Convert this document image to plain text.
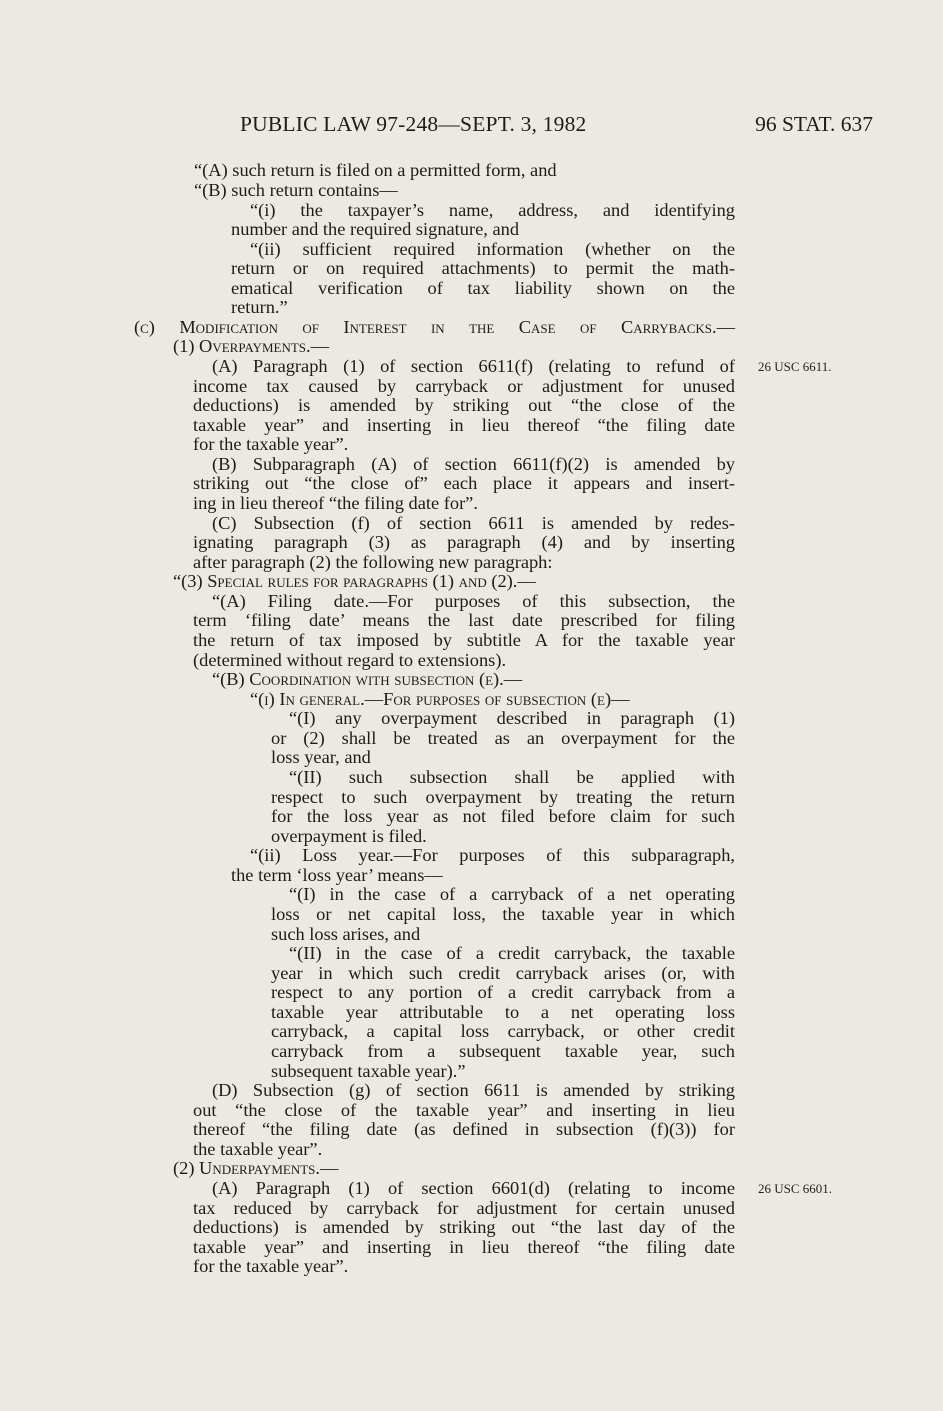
PUBLIC LAW 97-248—SEPT. 3, 1982	96 STAT. 637
“(A) such return is filed on a permitted form, and
“(B) such return contains—
“(i) the taxpayer’s name, address, and identifying
number and the required signature, and
“(ii) sufficient required information (whether on the
return or on required attachments) to permit the math-
ematical verification of tax liability shown on the
return.”
(c) Modification of Interest in the Case of Carrybacks.—
(1) Overpayments.—
(A) Paragraph (1) of section 6611(f) (relating to refund of
income tax caused by carryback or adjustment for unused
deductions) is amended by striking out “the close of the
taxable year” and inserting in lieu thereof “the filing date
for the taxable year”.
(B) Subparagraph (A) of section 6611(f)(2) is amended by
striking out “the close of” each place it appears and insert-
ing in lieu thereof “the filing date for”.
(C) Subsection (f) of section 6611 is amended by redes-
ignating paragraph (3) as paragraph (4) and by inserting
after paragraph (2) the following new paragraph:
“(3) Special rules for paragraphs (1) and (2).—
“(A) Filing date.—For purposes of this subsection, the
term ‘filing date’ means the last date prescribed for filing
the return of tax imposed by subtitle A for the taxable year
(determined without regard to extensions).
“(B) Coordination with subsection (e).—
“(i) In general.—For purposes of subsection (e)—
“(I) any overpayment described in paragraph (1)
or (2) shall be treated as an overpayment for the
loss year, and
“(II) such subsection shall be applied with
respect to such overpayment by treating the return
for the loss year as not filed before claim for such
overpayment is filed.
“(ii) Loss year.—For purposes of this subparagraph,
the term ‘loss year’ means—
“(I) in the case of a carryback of a net operating
loss or net capital loss, the taxable year in which
such loss arises, and
“(II) in the case of a credit carryback, the taxable
year in which such credit carryback arises (or, with
respect to any portion of a credit carryback from a
taxable year attributable to a net operating loss
carryback, a capital loss carryback, or other credit
carryback from a subsequent taxable year, such
subsequent taxable year).”
(D) Subsection (g) of section 6611 is amended by striking
out “the close of the taxable year” and inserting in lieu
thereof “the filing date (as defined in subsection (f)(3)) for
the taxable year”.
(2) Underpayments.—
(A) Paragraph (1) of section 6601(d) (relating to income
tax reduced by carryback for adjustment for certain unused
deductions) is amended by striking out “the last day of the
taxable year” and inserting in lieu thereof “the filing date
for the taxable year”.
26 USC 6611.
26 USC 6601.
